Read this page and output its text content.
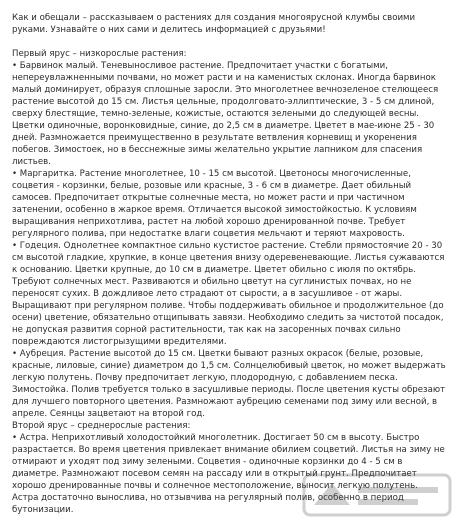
Как и обещали – рассказываем о растениях для создания многоярусной клумбы своими руками. Узнавайте о них сами и делитесь информацией с друзьями!

Первый ярус – низкорослые растения:

• Барвинок малый. Теневыносливое растение. Предпочитает участки с богатыми, непереувлажненными почвами, но может расти и на каменистых склонах. Иногда барвинок малый доминирует, образуя сплошные заросли. Это многолетнее вечнозеленое стелющееся растение высотой до 15 см. Листья цельные, продолговато-эллиптические, 3 - 5 см длиной, сверху блестящие, темно-зеленые, кожистые, остаются зелеными до следующей весны. Цветки одиночные, воронковидные, синие, до 2,5 см в диаметре. Цветет в мае-июне 25 - 30 дней. Размножается преимущественно в результате ветвления корневищ и укоренения побегов. Зимостоек, но в бесснежные зимы желательно укрытие лапником для спасения листьев.

• Маргаритка. Растение многолетнее, 10 - 15 см высотой. Цветоносы многочисленные, соцветия - корзинки, белые, розовые или красные, 3 - 6 см в диаметре. Дает обильный самосев. Предпочитает открытые солнечные места, но может расти и при частичном затенении, особенно в жаркое время. Отличается высокой зимостойкостью. К условиям выращивания неприхотлива, растет на любой хорошо дренированной почве. Требует регулярного полива, при недостатке влаги соцветия мельчают и теряют махровость.

• Годеция. Однолетнее компактное сильно кустистое растение. Стебли прямостоячие 20 - 30 см высотой гладкие, хрупкие, в конце цветения внизу одеревеневающие. Листья сужаваются к основанию. Цветки крупные, до 10 см в диаметре. Цветет обильно с июля по октябрь. Требуют солнечных мест. Развиваются и обильно цветут на суглинистых почвах, но не переносят сухих. В дождливое лето страдают от сырости, а в засушливое - от жары. Выращивают при регулярном поливе. Чтобы поддерживать обильное и продолжительное (до осени) цветение, обязательно отщипывать завязи. Необходимо следить за чистотой посадок, не допуская развития сорной растительности, так как на засоренных почвах сильно повреждаются листогрызущими вредителями.

• Аубреция. Растение высотой до 15 см. Цветки бывают разных окрасок (белые, розовые, красные, лиловые, синие) диаметром до 1,5 см. Солнцелюбивый цветок, но может выдержать легкую полутень. Почву предпочитает легкую, плодородную, с добавлением песка. Зимостойка. Полив требуется только в засушливые периоды. После цветения кусты обрезают для лучшего повторного цветения. Размножают аубрецию семенами под зиму или весной, в апреле. Сеянцы зацветают на второй год.

Второй ярус – среднерослые растения:

• Астра. Неприхотливый холодостойкий многолетник. Достигает 50 см в высоту. Быстро разрастается. Во время цветения привлекает внимание обилием соцветий. Листья на зиму не отмирают и уходят под зиму зелеными. Соцветия - одиночные корзинки до 4 - 5 см в диаметре. Размножают посевом семян на рассаду или в открытый грунт. Предпочитает хорошо дренированные почвы и солнечное местоположение, выносит легкую полутень. Астра достаточно вынослива, но отзывчива на регулярный полив, особенно в период бутонизации.
